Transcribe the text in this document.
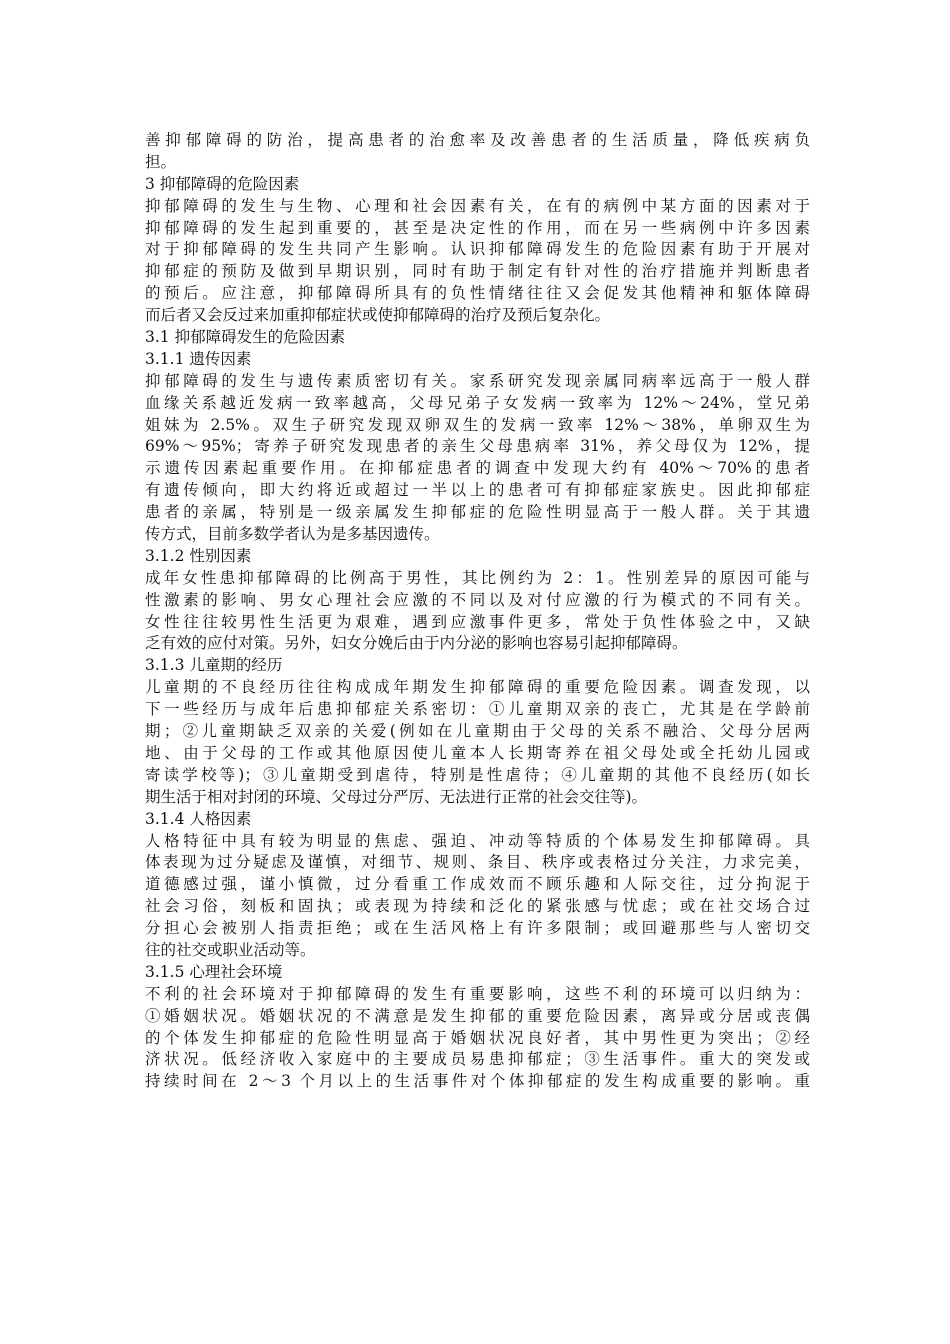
善抑郁障碍的防治，提高患者的治愈率及改善患者的生活质量，降低疾病负
担。
3 抑郁障碍的危险因素
抑郁障碍的发生与生物、心理和社会因素有关，在有的病例中某方面的因素对于
抑郁障碍的发生起到重要的，甚至是决定性的作用，而在另一些病例中许多因素
对于抑郁障碍的发生共同产生影响。认识抑郁障碍发生的危险因素有助于开展对
抑郁症的预防及做到早期识别，同时有助于制定有针对性的治疗措施并判断患者
的预后。应注意，抑郁障碍所具有的负性情绪往往又会促发其他精神和躯体障碍
而后者又会反过来加重抑郁症状或使抑郁障碍的治疗及预后复杂化。
3.1 抑郁障碍发生的危险因素
3.1.1 遗传因素
抑郁障碍的发生与遗传素质密切有关。家系研究发现亲属同病率远高于一般人群
血缘关系越近发病一致率越高，父母兄弟子女发病一致率为 12%～24%，堂兄弟
姐妹为 2.5%。双生子研究发现双卵双生的发病一致率 12%～38%，单卵双生为
69%～95%；寄养子研究发现患者的亲生父母患病率 31%，养父母仅为 12%，提
示遗传因素起重要作用。在抑郁症患者的调查中发现大约有 40%～70%的患者
有遗传倾向，即大约将近或超过一半以上的患者可有抑郁症家族史。因此抑郁症
患者的亲属，特别是一级亲属发生抑郁症的危险性明显高于一般人群。关于其遗
传方式，目前多数学者认为是多基因遗传。
3.1.2 性别因素
成年女性患抑郁障碍的比例高于男性，其比例约为 2：1。性别差异的原因可能与
性激素的影响、男女心理社会应激的不同以及对付应激的行为模式的不同有关。
女性往往较男性生活更为艰难，遇到应激事件更多，常处于负性体验之中，又缺
乏有效的应付对策。另外，妇女分娩后由于内分泌的影响也容易引起抑郁障碍。
3.1.3 儿童期的经历
儿童期的不良经历往往构成成年期发生抑郁障碍的重要危险因素。调查发现，以
下一些经历与成年后患抑郁症关系密切：①儿童期双亲的丧亡，尤其是在学龄前
期；②儿童期缺乏双亲的关爱(例如在儿童期由于父母的关系不融洽、父母分居两
地、由于父母的工作或其他原因使儿童本人长期寄养在祖父母处或全托幼儿园或
寄读学校等)；③儿童期受到虐待，特别是性虐待；④儿童期的其他不良经历(如长
期生活于相对封闭的环境、父母过分严厉、无法进行正常的社会交往等)。
3.1.4 人格因素
人格特征中具有较为明显的焦虑、强迫、冲动等特质的个体易发生抑郁障碍。具
体表现为过分疑虑及谨慎，对细节、规则、条目、秩序或表格过分关注，力求完美，
道德感过强，谨小慎微，过分看重工作成效而不顾乐趣和人际交往，过分拘泥于
社会习俗，刻板和固执；或表现为持续和泛化的紧张感与忧虑；或在社交场合过
分担心会被别人指责拒绝；或在生活风格上有许多限制；或回避那些与人密切交
往的社交或职业活动等。
3.1.5 心理社会环境
不利的社会环境对于抑郁障碍的发生有重要影响，这些不利的环境可以归纳为：
①婚姻状况。婚姻状况的不满意是发生抑郁的重要危险因素，离异或分居或丧偶
的个体发生抑郁症的危险性明显高于婚姻状况良好者，其中男性更为突出；②经
济状况。低经济收入家庭中的主要成员易患抑郁症；③生活事件。重大的突发或
持续时间在 2～3 个月以上的生活事件对个体抑郁症的发生构成重要的影响。重
